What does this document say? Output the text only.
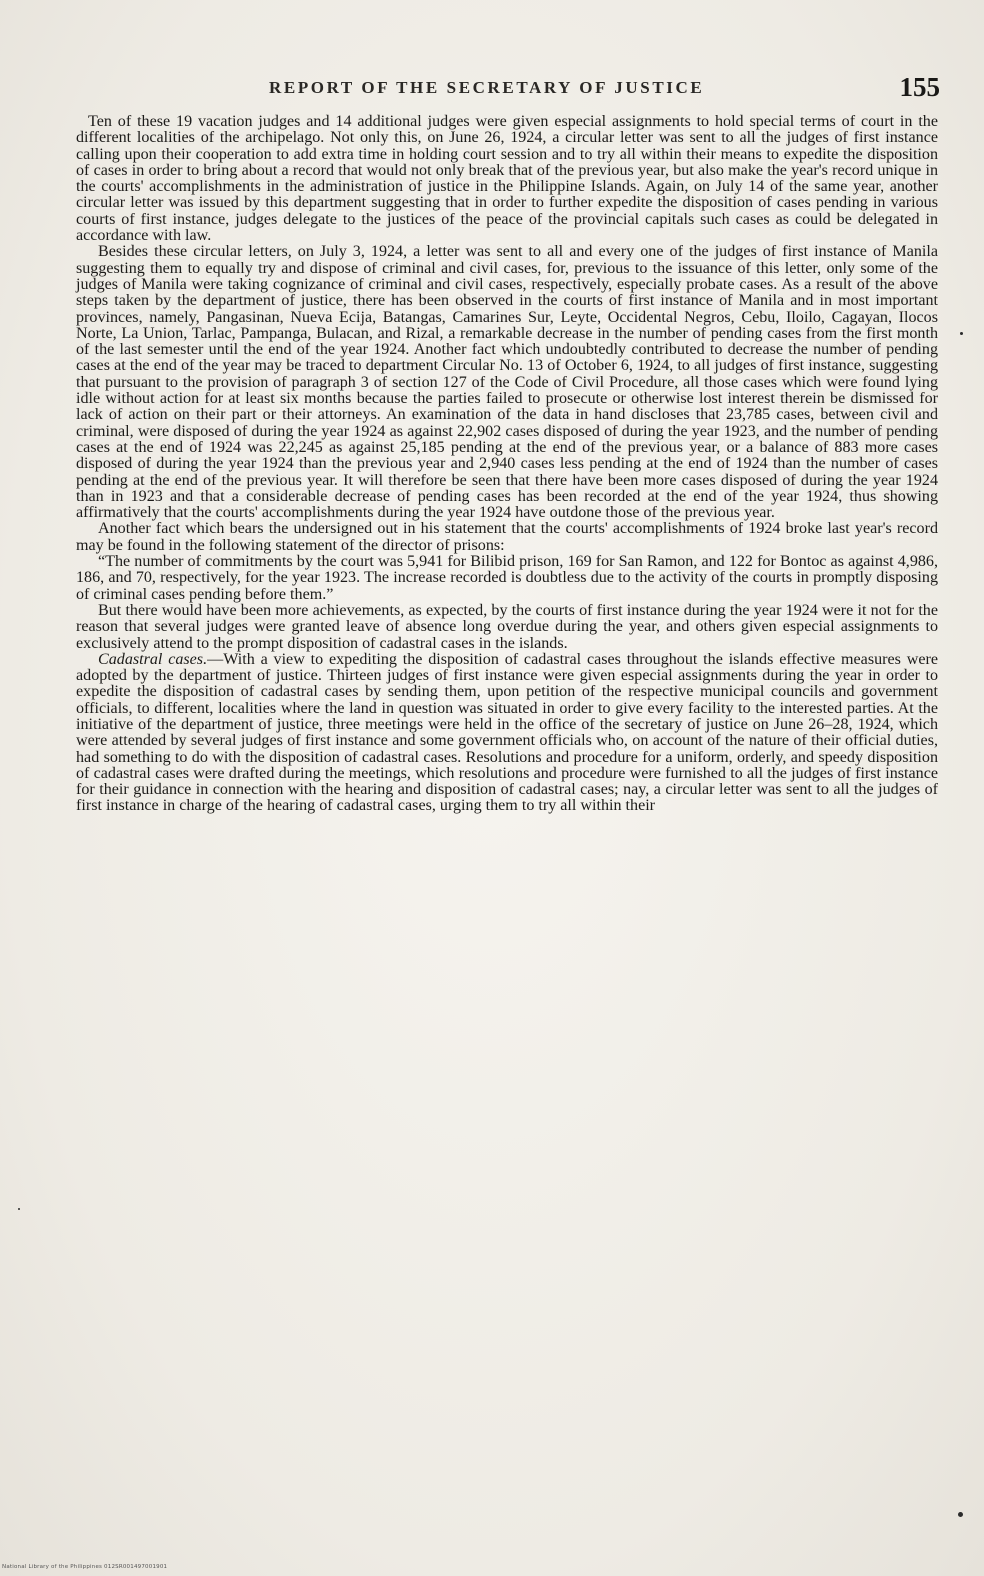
REPORT OF THE SECRETARY OF JUSTICE	155

Ten of these 19 vacation judges and 14 additional judges were given especial assignments to hold special terms of court in the different localities of the archipelago. Not only this, on June 26, 1924, a circular letter was sent to all the judges of first instance calling upon their cooperation to add extra time in holding court session and to try all within their means to expedite the disposition of cases in order to bring about a record that would not only break that of the previous year, but also make the year's record unique in the courts' accomplishments in the administration of justice in the Philippine Islands. Again, on July 14 of the same year, another circular letter was issued by this department suggesting that in order to further expedite the disposition of cases pending in various courts of first instance, judges delegate to the justices of the peace of the provincial capitals such cases as could be delegated in accordance with law.

Besides these circular letters, on July 3, 1924, a letter was sent to all and every one of the judges of first instance of Manila suggesting them to equally try and dispose of criminal and civil cases, for, previous to the issuance of this letter, only some of the judges of Manila were taking cognizance of criminal and civil cases, respectively, especially probate cases. As a result of the above steps taken by the department of justice, there has been observed in the courts of first instance of Manila and in most important provinces, namely, Pangasinan, Nueva Ecija, Batangas, Camarines Sur, Leyte, Occidental Negros, Cebu, Iloilo, Cagayan, Ilocos Norte, La Union, Tarlac, Pampanga, Bulacan, and Rizal, a remarkable decrease in the number of pending cases from the first month of the last semester until the end of the year 1924. Another fact which undoubtedly contributed to decrease the number of pending cases at the end of the year may be traced to department Circular No. 13 of October 6, 1924, to all judges of first instance, suggesting that pursuant to the provision of paragraph 3 of section 127 of the Code of Civil Procedure, all those cases which were found lying idle without action for at least six months because the parties failed to prosecute or otherwise lost interest therein be dismissed for lack of action on their part or their attorneys. An examination of the data in hand discloses that 23,785 cases, between civil and criminal, were disposed of during the year 1924 as against 22,902 cases disposed of during the year 1923, and the number of pending cases at the end of 1924 was 22,245 as against 25,185 pending at the end of the previous year, or a balance of 883 more cases disposed of during the year 1924 than the previous year and 2,940 cases less pending at the end of 1924 than the number of cases pending at the end of the previous year. It will therefore be seen that there have been more cases disposed of during the year 1924 than in 1923 and that a considerable decrease of pending cases has been recorded at the end of the year 1924, thus showing affirmatively that the courts' accomplishments during the year 1924 have outdone those of the previous year.

Another fact which bears the undersigned out in his statement that the courts' accomplishments of 1924 broke last year's record may be found in the following statement of the director of prisons:

“The number of commitments by the court was 5,941 for Bilibid prison, 169 for San Ramon, and 122 for Bontoc as against 4,986, 186, and 70, respectively, for the year 1923. The increase recorded is doubtless due to the activity of the courts in promptly disposing of criminal cases pending before them.”

But there would have been more achievements, as expected, by the courts of first instance during the year 1924 were it not for the reason that several judges were granted leave of absence long overdue during the year, and others given especial assignments to exclusively attend to the prompt disposition of cadastral cases in the islands.

Cadastral cases.—With a view to expediting the disposition of cadastral cases throughout the islands effective measures were adopted by the department of justice. Thirteen judges of first instance were given especial assignments during the year in order to expedite the disposition of cadastral cases by sending them, upon petition of the respective municipal councils and government officials, to different, localities where the land in question was situated in order to give every facility to the interested parties. At the initiative of the department of justice, three meetings were held in the office of the secretary of justice on June 26–28, 1924, which were attended by several judges of first instance and some government officials who, on account of the nature of their official duties, had something to do with the disposition of cadastral cases. Resolutions and procedure for a uniform, orderly, and speedy disposition of cadastral cases were drafted during the meetings, which resolutions and procedure were furnished to all the judges of first instance for their guidance in connection with the hearing and disposition of cadastral cases; nay, a circular letter was sent to all the judges of first instance in charge of the hearing of cadastral cases, urging them to try all within their

National Library of the Philippines 012SR001497001901
